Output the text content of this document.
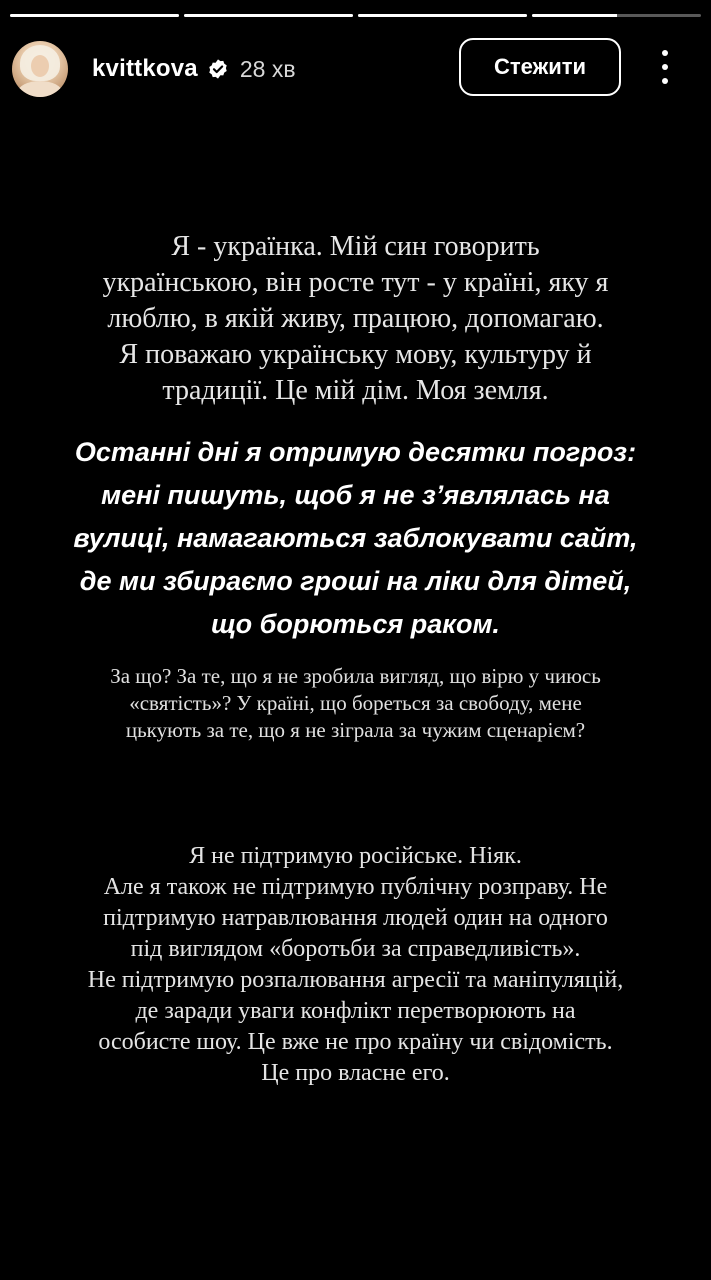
kvittkova 28 хв	Стежити
Я - українка. Мій син говорить
українською, він росте тут - у країні, яку я
люблю, в якій живу, працюю, допомагаю.
Я поважаю українську мову, культуру й
традиції. Це мій дім. Моя земля.
Останні дні я отримую десятки погроз:
мені пишуть, щоб я не з’являлась на
вулиці, намагаються заблокувати сайт,
де ми збираємо гроші на ліки для дітей,
що борються раком.
За що? За те, що я не зробила вигляд, що вірю у чиюсь
«святість»? У країні, що бореться за свободу, мене
цькують за те, що я не зіграла за чужим сценарієм?
Я не підтримую російське. Ніяк.
Але я також не підтримую публічну розправу. Не
підтримую натравлювання людей один на одного
під виглядом «боротьби за справедливість».
Не підтримую розпалювання агресії та маніпуляцій,
де заради уваги конфлікт перетворюють на
особисте шоу. Це вже не про країну чи свідомість.
Це про власне его.
